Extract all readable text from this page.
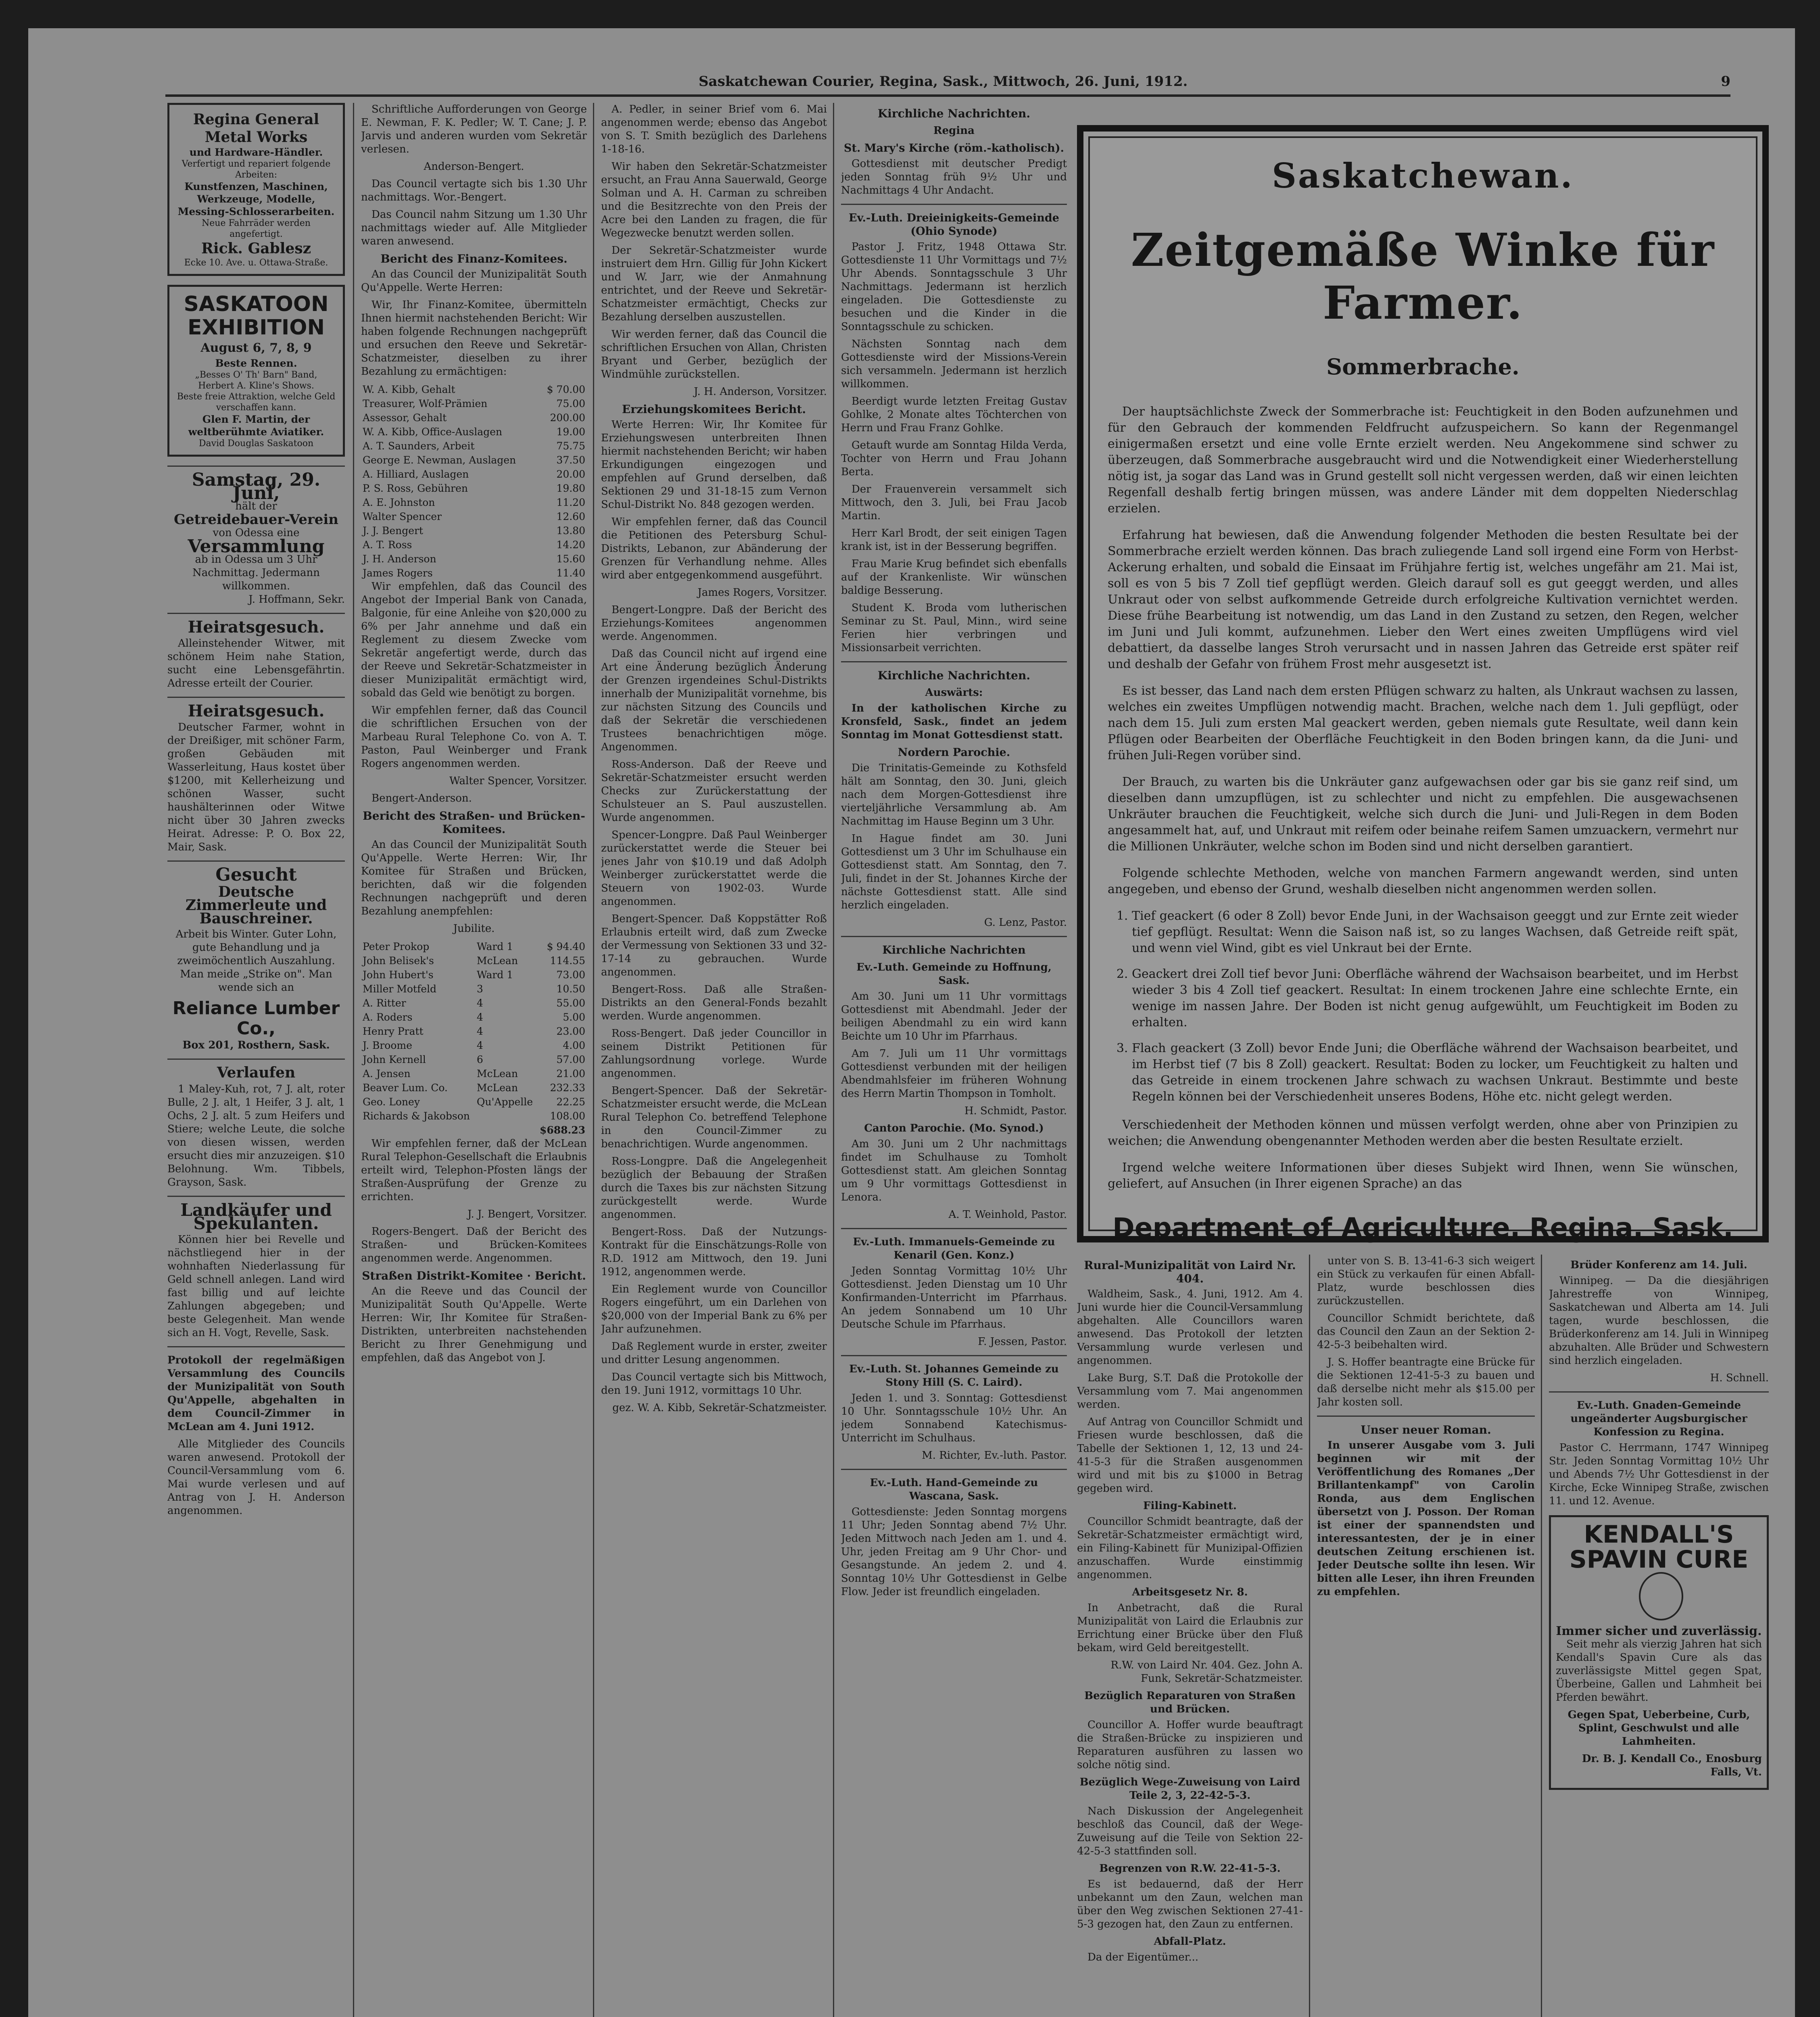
Saskatchewan Courier, Regina, Sask., Mittwoch, 26. Juni, 1912.	9
Regina General Metal Works
und Hardware-Händler.
Verfertigt und repariert folgende Arbeiten:
Kunstfenzen, Maschinen, Werkzeuge, Modelle, Messing-Schlosserarbeiten.
Neue Fahrräder werden angefertigt.
Rick. Gablesz
Ecke 10. Ave. u. Ottawa-Straße.
SASKATOON
EXHIBITION
August 6, 7, 8, 9
Beste Rennen.
„Besses O' Th' Barn" Band, Herbert A. Kline's Shows.
Beste freie Attraktion, welche Geld verschaffen kann.
Glen F. Martin, der weltberühmte Aviatiker.
David Douglas Saskatoon
Samstag, 29. Juni,
hält der
Getreidebauer-Verein
von Odessa eine
Versammlung
ab in Odessa um 3 Uhr Nachmittag. Jedermann willkommen.
J. Hoffmann, Sekr.
Heiratsgesuch.

Alleinstehender Witwer, mit schönem Heim nahe Station, sucht eine Lebensgefährtin. Adresse erteilt der Courier.

Heiratsgesuch.

Deutscher Farmer, wohnt in der Dreißiger, mit schöner Farm, großen Gebäuden mit Wasserleitung, Haus kostet über $1200, mit Kellerheizung und schönen Wasser, sucht haushälterinnen oder Witwe nicht über 30 Jahren zwecks Heirat. Adresse: P. O. Box 22, Mair, Sask.

Gesucht
Deutsche Zimmerleute und Bauschreiner.

Arbeit bis Winter. Guter Lohn, gute Behandlung und ja zweimöchentlich Auszahlung. Man meide „Strike on". Man wende sich an

Reliance Lumber Co.,
Box 201, Rosthern, Sask.
Verlaufen

1 Maley-Kuh, rot, 7 J. alt, roter Bulle, 2 J. alt, 1 Heifer, 3 J. alt, 1 Ochs, 2 J. alt. 5 zum Heifers und Stiere; welche Leute, die solche von diesen wissen, werden ersucht dies mir anzuzeigen. $10 Belohnung. Wm. Tibbels, Grayson, Sask.

Landkäufer und Spekulanten.

Können hier bei Revelle und nächstliegend hier in der wohnhaften Niederlassung für Geld schnell anlegen. Land wird fast billig und auf leichte Zahlungen abgegeben; und beste Gelegenheit. Man wende sich an H. Vogt, Revelle, Sask.

Protokoll der regelmäßigen Versammlung des Councils der Munizipalität von South Qu'Appelle, abgehalten in dem Council-Zimmer in McLean am 4. Juni 1912.

Alle Mitglieder des Councils waren anwesend. Protokoll der Council-Versammlung vom 6. Mai wurde verlesen und auf Antrag von J. H. Anderson angenommen.

Schriftliche Aufforderungen von George E. Newman, F. K. Pedler; W. T. Cane; J. P. Jarvis und anderen wurden vom Sekretär verlesen.

Anderson-Bengert.

Das Council vertagte sich bis 1.30 Uhr nachmittags. Wor.-Bengert.

Das Council nahm Sitzung um 1.30 Uhr nachmittags wieder auf. Alle Mitglieder waren anwesend.

Bericht des Finanz-Komitees.

An das Council der Munizipalität South Qu'Appelle. Werte Herren:

Wir, Ihr Finanz-Komitee, übermitteln Ihnen hiermit nachstehenden Bericht: Wir haben folgende Rechnungen nachgeprüft und ersuchen den Reeve und Sekretär-Schatzmeister, dieselben zu ihrer Bezahlung zu ermächtigen:

W. A. Kibb, Gehalt	$ 70.00
Treasurer, Wolf-Prämien	75.00
Assessor, Gehalt	200.00
W. A. Kibb, Office-Auslagen	19.00
A. T. Saunders, Arbeit	75.75
George E. Newman, Auslagen	37.50
A. Hilliard, Auslagen	20.00
P. S. Ross, Gebühren	19.80
A. E. Johnston	11.20
Walter Spencer	12.60
J. J. Bengert	13.80
A. T. Ross	14.20
J. H. Anderson	15.60
James Rogers	11.40

Wir empfehlen, daß das Council des Angebot der Imperial Bank von Canada, Balgonie, für eine Anleihe von $20,000 zu 6% per Jahr annehme und daß ein Reglement zu diesem Zwecke vom Sekretär angefertigt werde, durch das der Reeve und Sekretär-Schatzmeister in dieser Munizipalität ermächtigt wird, sobald das Geld wie benötigt zu borgen.

Wir empfehlen ferner, daß das Council die schriftlichen Ersuchen von der Marbeau Rural Telephone Co. von A. T. Paston, Paul Weinberger und Frank Rogers angenommen werden.

Walter Spencer, Vorsitzer.

Bengert-Anderson.

Bericht des Straßen- und Brücken-Komitees.

An das Council der Munizipalität South Qu'Appelle. Werte Herren: Wir, Ihr Komitee für Straßen und Brücken, berichten, daß wir die folgenden Rechnungen nachgeprüft und deren Bezahlung anempfehlen:

Jubilite.

Peter Prokop	Ward 1	$ 94.40
John Belisek's	McLean	114.55
John Hubert's	Ward 1	73.00
Miller Motfeld	3	10.50
A. Ritter	4	55.00
A. Roders	4	5.00
Henry Pratt	4	23.00
J. Broome	4	4.00
John Kernell	6	57.00
A. Jensen	McLean	21.00
Beaver Lum. Co.	McLean	232.33
Geo. Loney	Qu'Appelle	22.25
Richards & Jakobson		108.00
		$688.23

Wir empfehlen ferner, daß der McLean Rural Telephon-Gesellschaft die Erlaubnis erteilt wird, Telephon-Pfosten längs der Straßen-Ausprüfung der Grenze zu errichten.

J. J. Bengert, Vorsitzer.

Rogers-Bengert. Daß der Bericht des Straßen- und Brücken-Komitees angenommen werde. Angenommen.

Straßen Distrikt-Komitee · Bericht.

An die Reeve und das Council der Munizipalität South Qu'Appelle. Werte Herren: Wir, Ihr Komitee für Straßen-Distrikten, unterbreiten nachstehenden Bericht zu Ihrer Genehmigung und empfehlen, daß das Angebot von J.

A. Pedler, in seiner Brief vom 6. Mai angenommen werde; ebenso das Angebot von S. T. Smith bezüglich des Darlehens 1-18-16.

Wir haben den Sekretär-Schatzmeister ersucht, an Frau Anna Sauerwald, George Solman und A. H. Carman zu schreiben und die Besitzrechte von den Preis der Acre bei den Landen zu fragen, die für Wegezwecke benutzt werden sollen.

Der Sekretär-Schatzmeister wurde instruiert dem Hrn. Gillig für John Kickert und W. Jarr, wie der Anmahnung entrichtet, und der Reeve und Sekretär-Schatzmeister ermächtigt, Checks zur Bezahlung derselben auszustellen.

Wir werden ferner, daß das Council die schriftlichen Ersuchen von Allan, Christen Bryant und Gerber, bezüglich der Windmühle zurückstellen.

J. H. Anderson, Vorsitzer.

Erziehungskomitees Bericht.

Werte Herren: Wir, Ihr Komitee für Erziehungswesen unterbreiten Ihnen hiermit nachstehenden Bericht; wir haben Erkundigungen eingezogen und empfehlen auf Grund derselben, daß Sektionen 29 und 31-18-15 zum Vernon Schul-Distrikt No. 848 gezogen werden.

Wir empfehlen ferner, daß das Council die Petitionen des Petersburg Schul-Distrikts, Lebanon, zur Abänderung der Grenzen für Verhandlung nehme. Alles wird aber entgegenkommend ausgeführt.

James Rogers, Vorsitzer.

Bengert-Longpre. Daß der Bericht des Erziehungs-Komitees angenommen werde. Angenommen.

Daß das Council nicht auf irgend eine Art eine Änderung bezüglich Änderung der Grenzen irgendeines Schul-Distrikts innerhalb der Munizipalität vornehme, bis zur nächsten Sitzung des Councils und daß der Sekretär die verschiedenen Trustees benachrichtigen möge. Angenommen.

Ross-Anderson. Daß der Reeve und Sekretär-Schatzmeister ersucht werden Checks zur Zurückerstattung der Schulsteuer an S. Paul auszustellen. Wurde angenommen.

Spencer-Longpre. Daß Paul Weinberger zurückerstattet werde die Steuer bei jenes Jahr von $10.19 und daß Adolph Weinberger zurückerstattet werde die Steuern von 1902-03. Wurde angenommen.

Bengert-Spencer. Daß Koppstätter Roß Erlaubnis erteilt wird, daß zum Zwecke der Vermessung von Sektionen 33 und 32-17-14 zu gebrauchen. Wurde angenommen.

Bengert-Ross. Daß alle Straßen-Distrikts an den General-Fonds bezahlt werden. Wurde angenommen.

Ross-Bengert. Daß jeder Councillor in seinem Distrikt Petitionen für Zahlungsordnung vorlege. Wurde angenommen.

Bengert-Spencer. Daß der Sekretär-Schatzmeister ersucht werde, die McLean Rural Telephon Co. betreffend Telephone in den Council-Zimmer zu benachrichtigen. Wurde angenommen.

Ross-Longpre. Daß die Angelegenheit bezüglich der Bebauung der Straßen durch die Taxes bis zur nächsten Sitzung zurückgestellt werde. Wurde angenommen.

Bengert-Ross. Daß der Nutzungs-Kontrakt für die Einschätzungs-Rolle von R.D. 1912 am Mittwoch, den 19. Juni 1912, angenommen werde.

Ein Reglement wurde von Councillor Rogers eingeführt, um ein Darlehen von $20,000 von der Imperial Bank zu 6% per Jahr aufzunehmen.

Daß Reglement wurde in erster, zweiter und dritter Lesung angenommen.

Das Council vertagte sich bis Mittwoch, den 19. Juni 1912, vormittags 10 Uhr.

gez. W. A. Kibb, Sekretär-Schatzmeister.

Kirchliche Nachrichten.
Regina
St. Mary's Kirche (röm.-katholisch).

Gottesdienst mit deutscher Predigt jeden Sonntag früh 9½ Uhr und Nachmittags 4 Uhr Andacht.

Ev.-Luth. Dreieinigkeits-Gemeinde (Ohio Synode)

Pastor J. Fritz, 1948 Ottawa Str. Gottesdienste 11 Uhr Vormittags und 7½ Uhr Abends. Sonntagsschule 3 Uhr Nachmittags. Jedermann ist herzlich eingeladen. Die Gottesdienste zu besuchen und die Kinder in die Sonntagsschule zu schicken.

Nächsten Sonntag nach dem Gottesdienste wird der Missions-Verein sich versammeln. Jedermann ist herzlich willkommen.

Beerdigt wurde letzten Freitag Gustav Gohlke, 2 Monate altes Töchterchen von Herrn und Frau Franz Gohlke.

Getauft wurde am Sonntag Hilda Verda, Tochter von Herrn und Frau Johann Berta.

Der Frauenverein versammelt sich Mittwoch, den 3. Juli, bei Frau Jacob Martin.

Herr Karl Brodt, der seit einigen Tagen krank ist, ist in der Besserung begriffen.

Frau Marie Krug befindet sich ebenfalls auf der Krankenliste. Wir wünschen baldige Besserung.

Student K. Broda vom lutherischen Seminar zu St. Paul, Minn., wird seine Ferien hier verbringen und Missionsarbeit verrichten.

Kirchliche Nachrichten.
Auswärts:

In der katholischen Kirche zu Kronsfeld, Sask., findet an jedem Sonntag im Monat Gottesdienst statt.

Nordern Parochie.

Die Trinitatis-Gemeinde zu Kothsfeld hält am Sonntag, den 30. Juni, gleich nach dem Morgen-Gottesdienst ihre vierteljährliche Versammlung ab. Am Nachmittag im Hause Beginn um 3 Uhr.

In Hague findet am 30. Juni Gottesdienst um 3 Uhr im Schulhause ein Gottesdienst statt. Am Sonntag, den 7. Juli, findet in der St. Johannes Kirche der nächste Gottesdienst statt. Alle sind herzlich eingeladen.

G. Lenz, Pastor.

Kirchliche Nachrichten
Ev.-Luth. Gemeinde zu Hoffnung, Sask.

Am 30. Juni um 11 Uhr vormittags Gottesdienst mit Abendmahl. Jeder der beiligen Abendmahl zu ein wird kann Beichte um 10 Uhr im Pfarrhaus.

Am 7. Juli um 11 Uhr vormittags Gottesdienst verbunden mit der heiligen Abendmahlsfeier im früheren Wohnung des Herrn Martin Thompson in Tomholt.

H. Schmidt, Pastor.

Canton Parochie. (Mo. Synod.)

Am 30. Juni um 2 Uhr nachmittags findet im Schulhause zu Tomholt Gottesdienst statt. Am gleichen Sonntag um 9 Uhr vormittags Gottesdienst in Lenora.

A. T. Weinhold, Pastor.

Ev.-Luth. Immanuels-Gemeinde zu Kenaril (Gen. Konz.)

Jeden Sonntag Vormittag 10½ Uhr Gottesdienst. Jeden Dienstag um 10 Uhr Konfirmanden-Unterricht im Pfarrhaus. An jedem Sonnabend um 10 Uhr Deutsche Schule im Pfarrhaus.

F. Jessen, Pastor.

Ev.-Luth. St. Johannes Gemeinde zu Stony Hill (S. C. Laird).

Jeden 1. und 3. Sonntag: Gottesdienst 10 Uhr. Sonntagsschule 10½ Uhr. An jedem Sonnabend Katechismus-Unterricht im Schulhaus.

M. Richter, Ev.-luth. Pastor.

Ev.-Luth. Hand-Gemeinde zu Wascana, Sask.

Gottesdienste: Jeden Sonntag morgens 11 Uhr; Jeden Sonntag abend 7½ Uhr. Jeden Mittwoch nach Jeden am 1. und 4. Uhr, jeden Freitag am 9 Uhr Chor- und Gesangstunde. An jedem 2. und 4. Sonntag 10½ Uhr Gottesdienst in Gelbe Flow. Jeder ist freundlich eingeladen.

Saskatchewan.
Zeitgemäße Winke für Farmer.
Sommerbrache.

Der hauptsächlichste Zweck der Sommerbrache ist: Feuchtigkeit in den Boden aufzunehmen und für den Gebrauch der kommenden Feldfrucht aufzuspeichern. So kann der Regenmangel einigermaßen ersetzt und eine volle Ernte erzielt werden. Neu Angekommene sind schwer zu überzeugen, daß Sommerbrache ausgebraucht wird und die Notwendigkeit einer Wiederherstellung nötig ist, ja sogar das Land was in Grund gestellt soll nicht vergessen werden, daß wir einen leichten Regenfall deshalb fertig bringen müssen, was andere Länder mit dem doppelten Niederschlag erzielen.

Erfahrung hat bewiesen, daß die Anwendung folgender Methoden die besten Resultate bei der Sommerbrache erzielt werden können. Das brach zuliegende Land soll irgend eine Form von Herbst-Ackerung erhalten, und sobald die Einsaat im Frühjahre fertig ist, welches ungefähr am 21. Mai ist, soll es von 5 bis 7 Zoll tief gepflügt werden. Gleich darauf soll es gut geeggt werden, und alles Unkraut oder von selbst aufkommende Getreide durch erfolgreiche Kultivation vernichtet werden. Diese frühe Bearbeitung ist notwendig, um das Land in den Zustand zu setzen, den Regen, welcher im Juni und Juli kommt, aufzunehmen. Lieber den Wert eines zweiten Umpflügens wird viel debattiert, da dasselbe langes Stroh verursacht und in nassen Jahren das Getreide erst später reif und deshalb der Gefahr von frühem Frost mehr ausgesetzt ist.

Es ist besser, das Land nach dem ersten Pflügen schwarz zu halten, als Unkraut wachsen zu lassen, welches ein zweites Umpflügen notwendig macht. Brachen, welche nach dem 1. Juli gepflügt, oder nach dem 15. Juli zum ersten Mal geackert werden, geben niemals gute Resultate, weil dann kein Pflügen oder Bearbeiten der Oberfläche Feuchtigkeit in den Boden bringen kann, da die Juni- und frühen Juli-Regen vorüber sind.

Der Brauch, zu warten bis die Unkräuter ganz aufgewachsen oder gar bis sie ganz reif sind, um dieselben dann umzupflügen, ist zu schlechter und nicht zu empfehlen. Die ausgewachsenen Unkräuter brauchen die Feuchtigkeit, welche sich durch die Juni- und Juli-Regen in dem Boden angesammelt hat, auf, und Unkraut mit reifem oder beinahe reifem Samen umzuackern, vermehrt nur die Millionen Unkräuter, welche schon im Boden sind und nicht derselben garantiert.

Folgende schlechte Methoden, welche von manchen Farmern angewandt werden, sind unten angegeben, und ebenso der Grund, weshalb dieselben nicht angenommen werden sollen.

1. Tief geackert (6 oder 8 Zoll) bevor Ende Juni, in der Wachsaison geeggt und zur Ernte zeit wieder tief gepflügt. Resultat: Wenn die Saison naß ist, so zu langes Wachsen, daß Getreide reift spät, und wenn viel Wind, gibt es viel Unkraut bei der Ernte.
2. Geackert drei Zoll tief bevor Juni: Oberfläche während der Wachsaison bearbeitet, und im Herbst wieder 3 bis 4 Zoll tief geackert. Resultat: In einem trockenen Jahre eine schlechte Ernte, ein wenige im nassen Jahre. Der Boden ist nicht genug aufgewühlt, um Feuchtigkeit im Boden zu erhalten.
3. Flach geackert (3 Zoll) bevor Ende Juni; die Oberfläche während der Wachsaison bearbeitet, und im Herbst tief (7 bis 8 Zoll) geackert. Resultat: Boden zu locker, um Feuchtigkeit zu halten und das Getreide in einem trockenen Jahre schwach zu wachsen Unkraut. Bestimmte und beste Regeln können bei der Verschiedenheit unseres Bodens, Höhe etc. nicht gelegt werden.

Verschiedenheit der Methoden können und müssen verfolgt werden, ohne aber von Prinzipien zu weichen; die Anwendung obengenannter Methoden werden aber die besten Resultate erzielt.

Irgend welche weitere Informationen über dieses Subjekt wird Ihnen, wenn Sie wünschen, geliefert, auf Ansuchen (in Ihrer eigenen Sprache) an das

Department of Agriculture, Regina, Sask.
Rural-Munizipalität von Laird Nr. 404.

Waldheim, Sask., 4. Juni, 1912. Am 4. Juni wurde hier die Council-Versammlung abgehalten. Alle Councillors waren anwesend. Das Protokoll der letzten Versammlung wurde verlesen und angenommen.

Lake Burg, S.T. Daß die Protokolle der Versammlung vom 7. Mai angenommen werden.

Auf Antrag von Councillor Schmidt und Friesen wurde beschlossen, daß die Tabelle der Sektionen 1, 12, 13 und 24-41-5-3 für die Straßen ausgenommen wird und mit bis zu $1000 in Betrag gegeben wird.

Filing-Kabinett.

Councillor Schmidt beantragte, daß der Sekretär-Schatzmeister ermächtigt wird, ein Filing-Kabinett für Munizipal-Offizien anzuschaffen. Wurde einstimmig angenommen.

Arbeitsgesetz Nr. 8.

In Anbetracht, daß die Rural Munizipalität von Laird die Erlaubnis zur Errichtung einer Brücke über den Fluß bekam, wird Geld bereitgestellt.

R.W. von Laird Nr. 404. Gez. John A. Funk, Sekretär-Schatzmeister.

Bezüglich Reparaturen von Straßen und Brücken.

Councillor A. Hoffer wurde beauftragt die Straßen-Brücke zu inspizieren und Reparaturen ausführen zu lassen wo solche nötig sind.

Bezüglich Wege-Zuweisung von Laird Teile 2, 3, 22-42-5-3.

Nach Diskussion der Angelegenheit beschloß das Council, daß der Wege-Zuweisung auf die Teile von Sektion 22-42-5-3 stattfinden soll.

Begrenzen von R.W. 22-41-5-3.

Es ist bedauernd, daß der Herr unbekannt um den Zaun, welchen man über den Weg zwischen Sektionen 27-41-5-3 gezogen hat, den Zaun zu entfernen.

Abfall-Platz.

Da der Eigentümer...

unter von S. B. 13-41-6-3 sich weigert ein Stück zu verkaufen für einen Abfall-Platz, wurde beschlossen dies zurückzustellen.

Councillor Schmidt berichtete, daß das Council den Zaun an der Sektion 2-42-5-3 beibehalten wird.

J. S. Hoffer beantragte eine Brücke für die Sektionen 12-41-5-3 zu bauen und daß derselbe nicht mehr als $15.00 per Jahr kosten soll.

Unser neuer Roman.

In unserer Ausgabe vom 3. Juli beginnen wir mit der Veröffentlichung des Romanes „Der Brillantenkampf" von Carolin Ronda, aus dem Englischen übersetzt von J. Posson. Der Roman ist einer der spannendsten und interessantesten, der je in einer deutschen Zeitung erschienen ist. Jeder Deutsche sollte ihn lesen. Wir bitten alle Leser, ihn ihren Freunden zu empfehlen.

Brüder Konferenz am 14. Juli.

Winnipeg. — Da die diesjährigen Jahrestreffe von Winnipeg, Saskatchewan und Alberta am 14. Juli tagen, wurde beschlossen, die Brüderkonferenz am 14. Juli in Winnipeg abzuhalten. Alle Brüder und Schwestern sind herzlich eingeladen.

H. Schnell.

Ev.-Luth. Gnaden-Gemeinde ungeänderter Augsburgischer Konfession zu Regina.

Pastor C. Herrmann, 1747 Winnipeg Str. Jeden Sonntag Vormittag 10½ Uhr und Abends 7½ Uhr Gottesdienst in der Kirche, Ecke Winnipeg Straße, zwischen 11. und 12. Avenue.

KENDALL'S SPAVIN CURE
Immer sicher und zuverlässig.

Seit mehr als vierzig Jahren hat sich Kendall's Spavin Cure als das zuverlässigste Mittel gegen Spat, Überbeine, Gallen und Lahmheit bei Pferden bewährt.

Gegen Spat, Ueberbeine, Curb, Splint, Geschwulst und alle Lahmheiten.

Dr. B. J. Kendall Co., Enosburg Falls, Vt.
